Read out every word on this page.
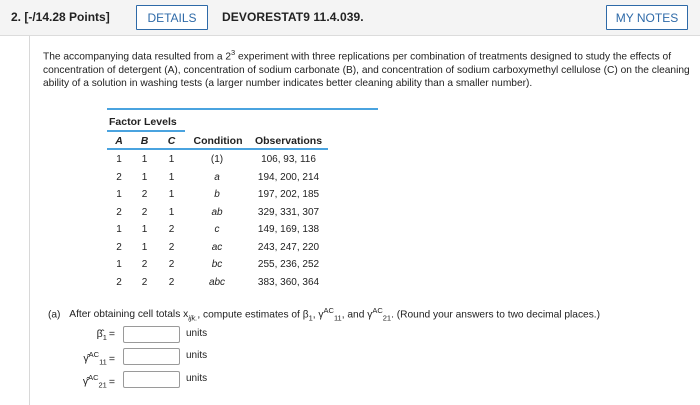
2. [-/14.28 Points]	DETAILS	DEVORESTAT9 11.4.039.	MY NOTES

The accompanying data resulted from a $2^3$ experiment with three replications per combination of treatments designed to study the effects of concentration of detergent (A), concentration of sodium carbonate (B), and concentration of sodium carboxymethyl cellulose (C) on the cleaning ability of a solution in washing tests (a larger number indicates better cleaning ability than a smaller number).

Factor Levels
A	B	C	Condition	Observations
1	1	1	(1)	106, 93, 116
2	1	1	a	194, 200, 214
1	2	1	b	197, 202, 185
2	2	1	ab	329, 331, 307
1	1	2	c	149, 169, 138
2	1	2	ac	243, 247, 220
1	2	2	bc	255, 236, 252
2	2	2	abc	383, 360, 364
(a) After obtaining cell totals $x_{ijk.}$, compute estimates of $\beta_1$, $\gamma^{AC}_{11}$, and $\gamma^{AC}_{21}$. (Round your answers to two decimal places.)
$\betâ_1$ =	units
γ̂$^{AC}_{11}$ =	units
γ̂$^{AC}_{21}$ =	units
